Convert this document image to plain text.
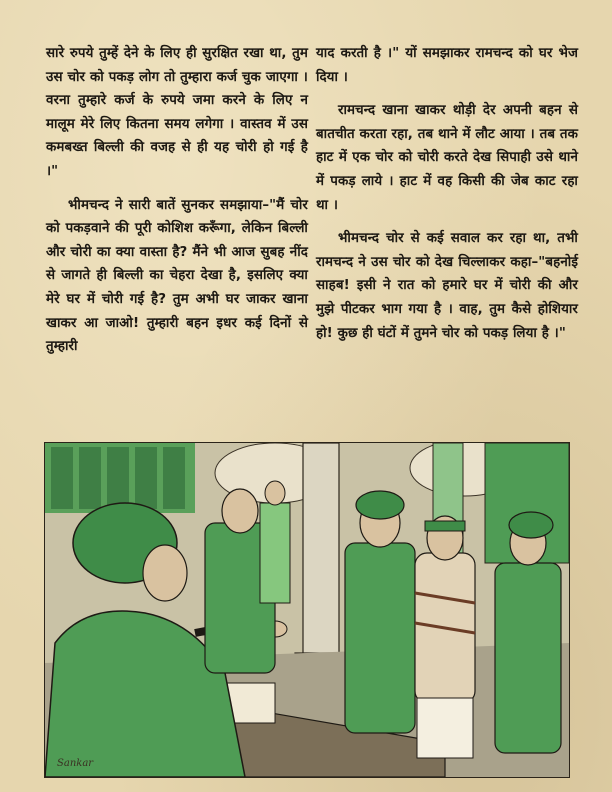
सारे रुपये तुम्हें देने के लिए ही सुरक्षित रखा था, तुम उस चोर को पकड़ लोग तो तुम्हारा कर्ज चुक जाएगा । वरना तुम्हारे कर्ज के रुपये जमा करने के लिए न मालूम मेरे लिए कितना समय लगेगा । वास्तव में उस कमबख्त बिल्ली की वजह से ही यह चोरी हो गई है ।"

भीमचन्द ने सारी बातें सुनकर समझाया–"मैं चोर को पकड़वाने की पूरी कोशिश करूँगा, लेकिन बिल्ली और चोरी का क्या वास्ता है? मैंने भी आज सुबह नींद से जागते ही बिल्ली का चेहरा देखा है, इसलिए क्या मेरे घर में चोरी गई है? तुम अभी घर जाकर खाना खाकर आ जाओ! तुम्हारी बहन इधर कई दिनों से तुम्हारी

याद करती है ।" यों समझाकर रामचन्द को घर भेज दिया ।

रामचन्द खाना खाकर थोड़ी देर अपनी बहन से बातचीत करता रहा, तब थाने में लौट आया । तब तक हाट में एक चोर को चोरी करते देख सिपाही उसे थाने में पकड़ लाये । हाट में वह किसी की जेब काट रहा था ।

भीमचन्द चोर से कई सवाल कर रहा था, तभी रामचन्द ने उस चोर को देख चिल्लाकर कहा–"बहनोई साहब! इसी ने रात को हमारे घर में चोरी की और मुझे पीटकर भाग गया है । वाह, तुम कैसे होशियार हो! कुछ ही घंटों में तुमने चोर को पकड़ लिया है ।"

Sankar
